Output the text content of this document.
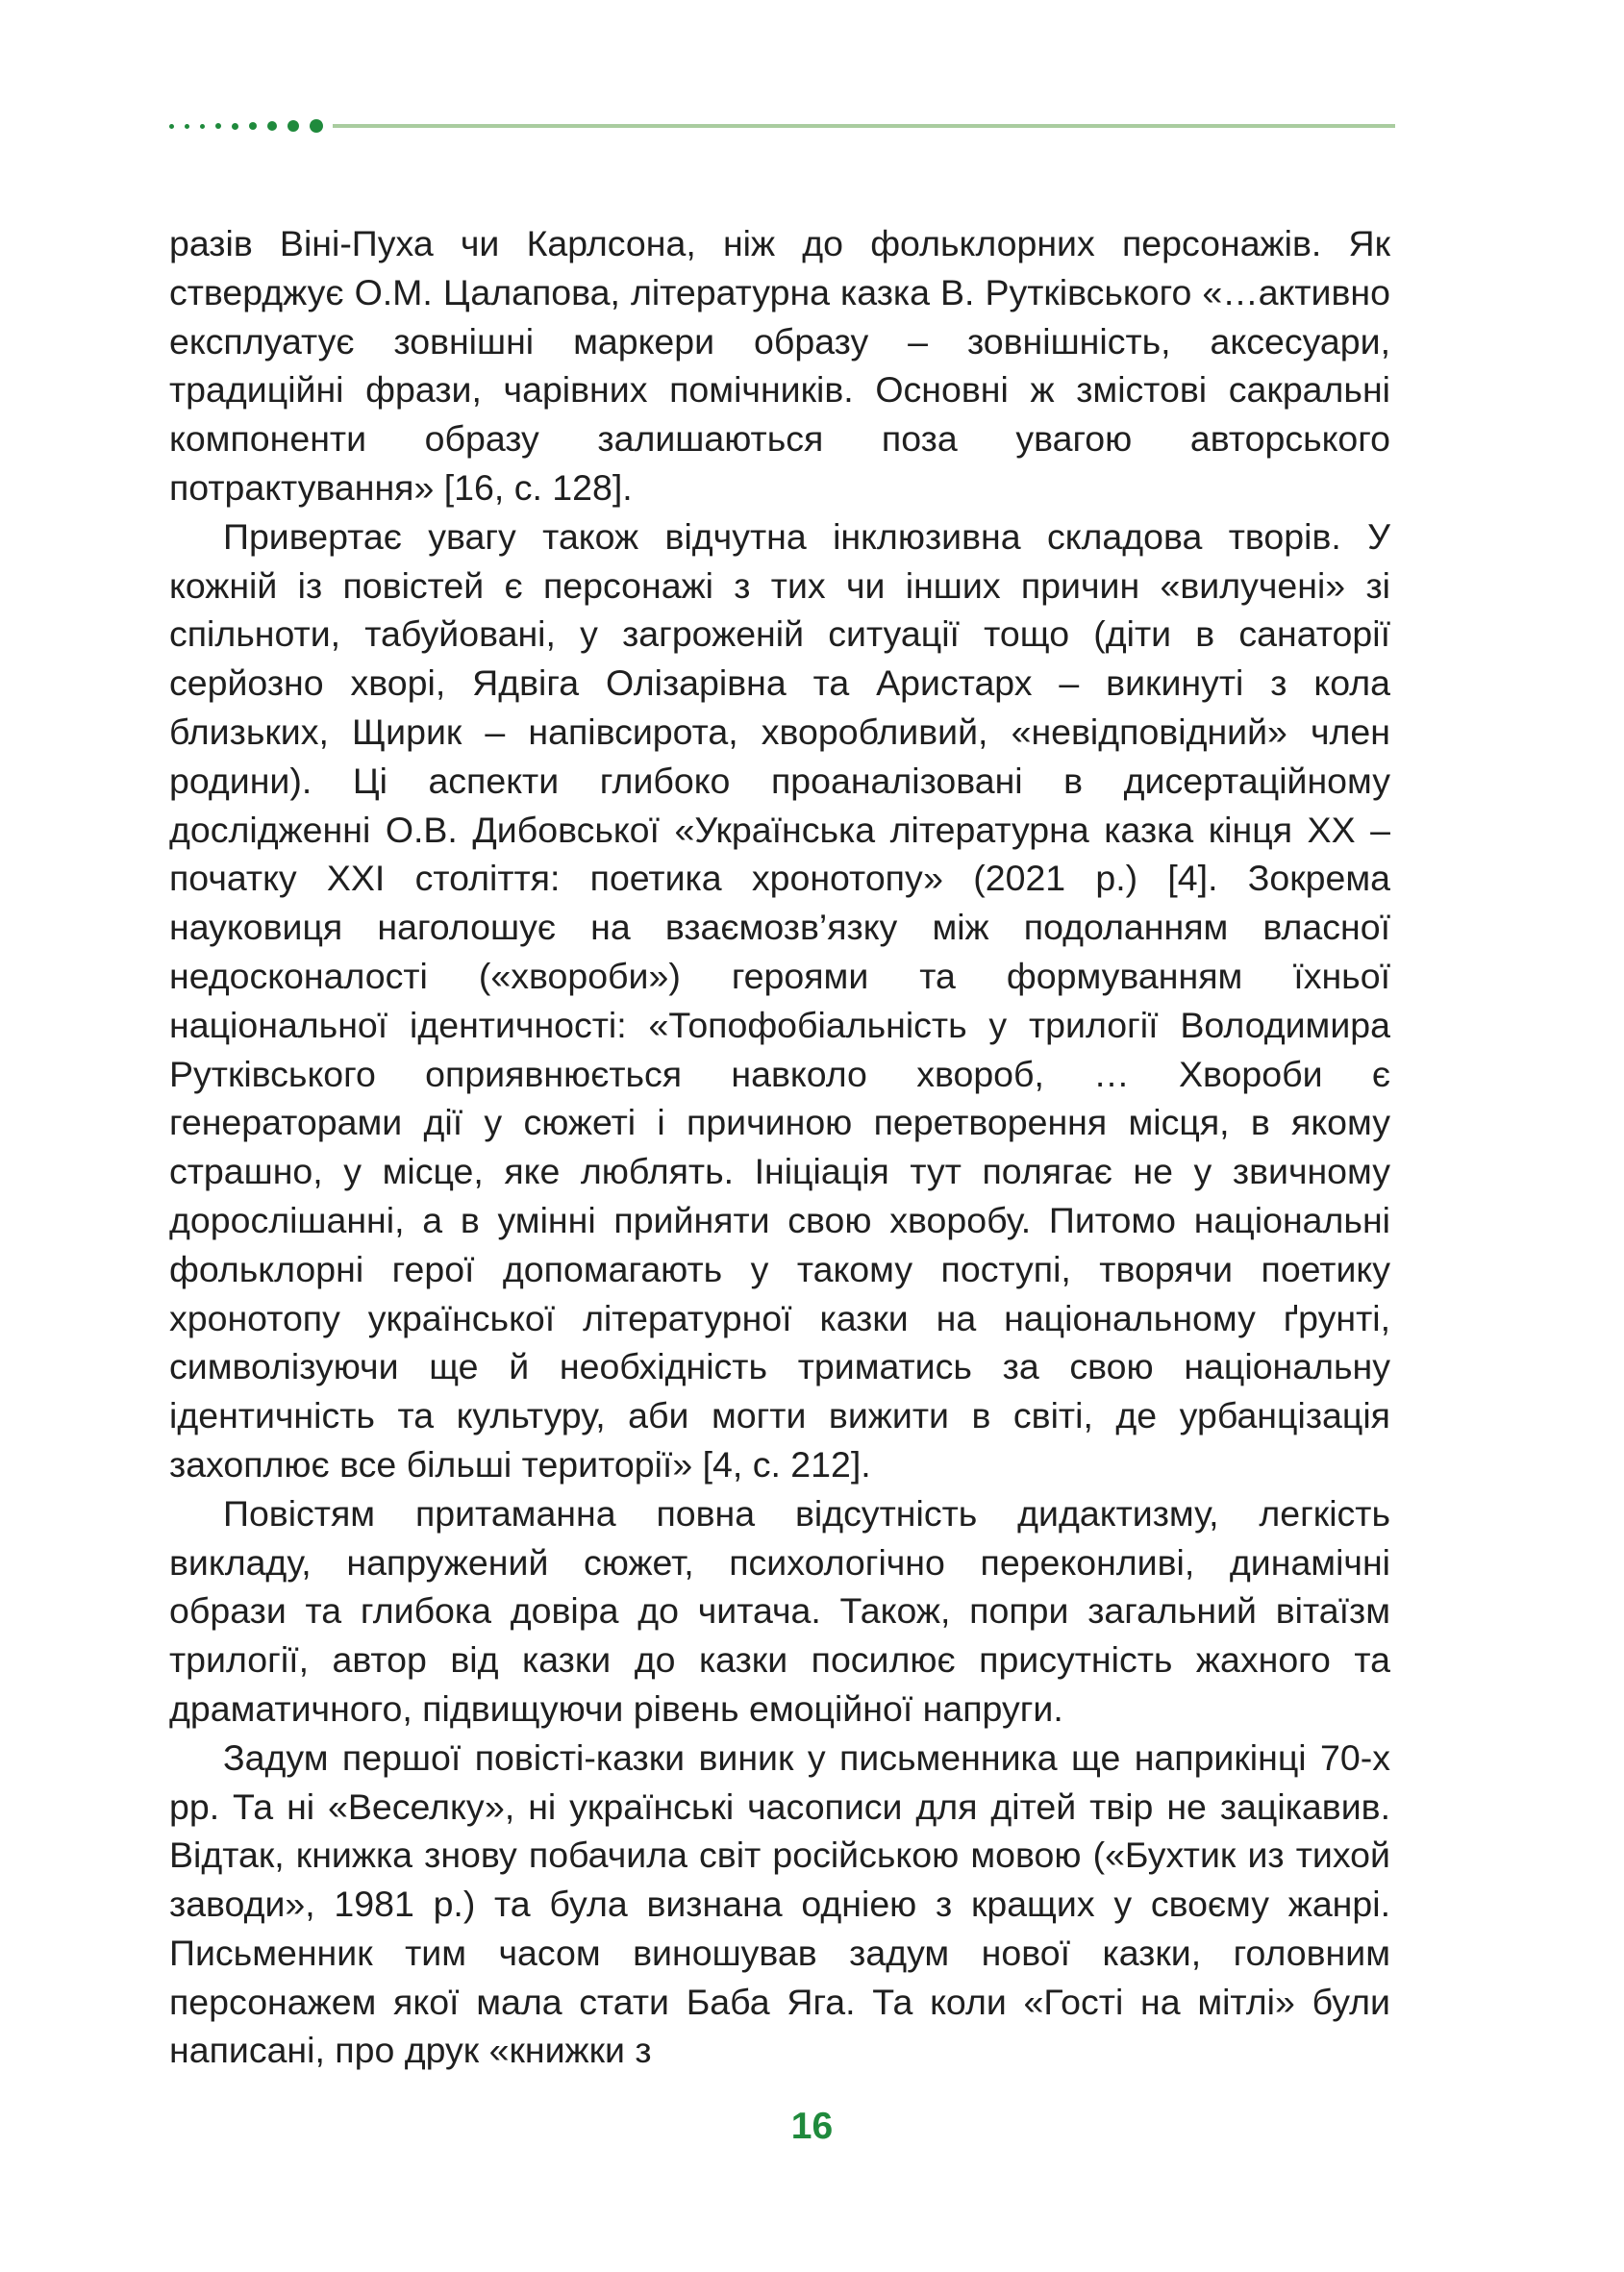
разів Віні-Пуха чи Карлсона, ніж до фольклорних персонажів. Як стверджує О.М. Цалапова, літературна казка В. Рутківського «…активно експлуатує зовнішні маркери образу – зовнішність, аксесуари, традиційні фрази, чарівних помічників. Основні ж змістові сакральні компоненти образу залишаються поза увагою авторського потрактування» [16, с. 128].

Привертає увагу також відчутна інклюзивна складова творів. У кожній із повістей є персонажі з тих чи інших причин «вилучені» зі спільноти, табуйовані, у загроженій ситуації тощо (діти в санаторії серйозно хворі, Ядвіга Олізарівна та Аристарх – викинуті з кола близьких, Щирик – напівсирота, хворобливий, «невідповідний» член родини). Ці аспекти глибоко проаналізовані в дисертаційному дослідженні О.В. Дибовської «Українська літературна казка кінця ХХ – початку ХХІ століття: поетика хронотопу» (2021 р.) [4]. Зокрема науковиця наголошує на взаємозв’язку між подоланням власної недосконалості («хвороби») героями та формуванням їхньої національної ідентичності: «Топофобіальність у трилогії Володимира Рутківського оприявнюється навколо хвороб, … Хвороби є генераторами дії у сюжеті і причиною перетворення місця, в якому страшно, у місце, яке люблять. Ініціація тут полягає не у звичному дорослішанні, а в умінні прийняти свою хворобу. Питомо національні фольклорні герої допомагають у такому поступі, творячи поетику хронотопу української літературної казки на національному ґрунті, символізуючи ще й необхідність триматись за свою національну ідентичність та культуру, аби могти вижити в світі, де урбанцізація захоплює все більші території» [4, с. 212].

Повістям притаманна повна відсутність дидактизму, легкість викладу, напружений сюжет, психологічно переконливі, динамічні образи та глибока довіра до читача. Також, попри загальний вітаїзм трилогії, автор від казки до казки посилює присутність жахного та драматичного, підвищуючи рівень емоційної напруги.

Задум першої повісті-казки виник у письменника ще наприкінці 70-х рр. Та ні «Веселку», ні українські часописи для дітей твір не зацікавив. Відтак, книжка знову побачила світ російською мовою («Бухтик из тихой заводи», 1981 р.) та була визнана одніею з кращих у своєму жанрі. Письменник тим часом виношував задум нової казки, головним персонажем якої мала стати Баба Яга. Та коли «Гості на мітлі» були написані, про друк «книжки з

16
